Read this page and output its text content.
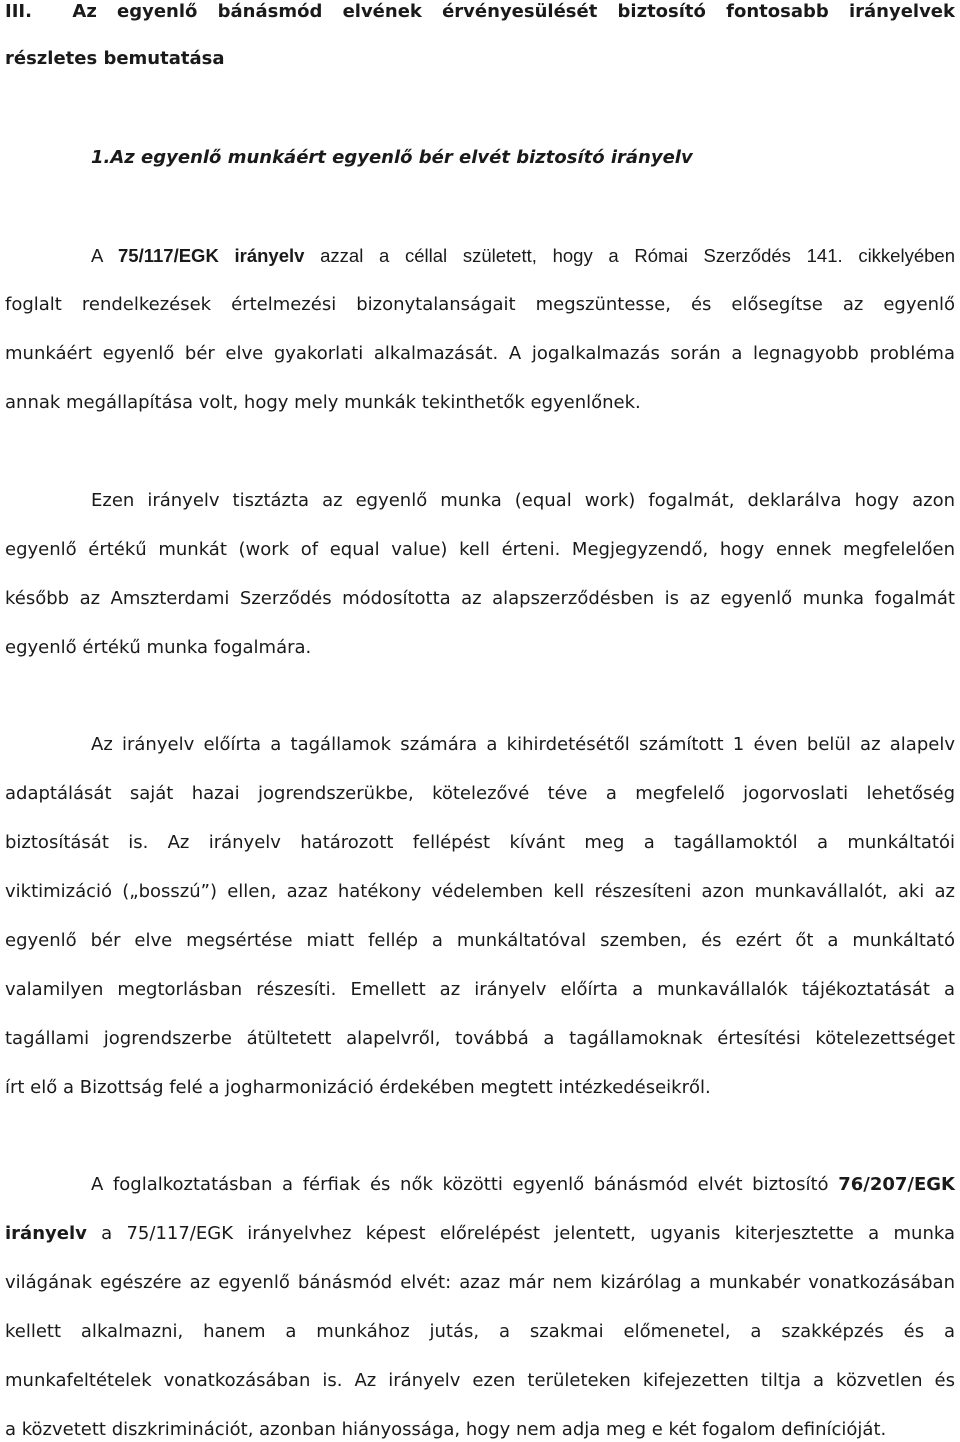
III. Az egyenlő bánásmód elvének érvényesülését biztosító fontosabb irányelvek
részletes bemutatása
1.Az egyenlő munkáért egyenlő bér elvét biztosító irányelv
A 75/117/EGK irányelv azzal a céllal született, hogy a Római Szerződés 141. cikkelyében
foglalt rendelkezések értelmezési bizonytalanságait megszüntesse, és elősegítse az egyenlő
munkáért egyenlő bér elve gyakorlati alkalmazását. A jogalkalmazás során a legnagyobb probléma
annak megállapítása volt, hogy mely munkák tekinthetők egyenlőnek.
Ezen irányelv tisztázta az egyenlő munka (equal work) fogalmát, deklarálva hogy azon
egyenlő értékű munkát (work of equal value) kell érteni. Megjegyzendő, hogy ennek megfelelően
később az Amszterdami Szerződés módosította az alapszerződésben is az egyenlő munka fogalmát
egyenlő értékű munka fogalmára.
Az irányelv előírta a tagállamok számára a kihirdetésétől számított 1 éven belül az alapelv
adaptálását saját hazai jogrendszerükbe, kötelezővé téve a megfelelő jogorvoslati lehetőség
biztosítását is. Az irányelv határozott fellépést kívánt meg a tagállamoktól a munkáltatói
viktimizáció („bosszú”) ellen, azaz hatékony védelemben kell részesíteni azon munkavállalót, aki az
egyenlő bér elve megsértése miatt fellép a munkáltatóval szemben, és ezért őt a munkáltató
valamilyen megtorlásban részesíti. Emellett az irányelv előírta a munkavállalók tájékoztatását a
tagállami jogrendszerbe átültetett alapelvről, továbbá a tagállamoknak értesítési kötelezettséget
írt elő a Bizottság felé a jogharmonizáció érdekében megtett intézkedéseikről.
A foglalkoztatásban a férfiak és nők közötti egyenlő bánásmód elvét biztosító 76/207/EGK
irányelv a 75/117/EGK irányelvhez képest előrelépést jelentett, ugyanis kiterjesztette a munka
világának egészére az egyenlő bánásmód elvét: azaz már nem kizárólag a munkabér vonatkozásában
kellett alkalmazni, hanem a munkához jutás, a szakmai előmenetel, a szakképzés és a
munkafeltételek vonatkozásában is. Az irányelv ezen területeken kifejezetten tiltja a közvetlen és
a közvetett diszkriminációt, azonban hiányossága, hogy nem adja meg e két fogalom definícióját.
